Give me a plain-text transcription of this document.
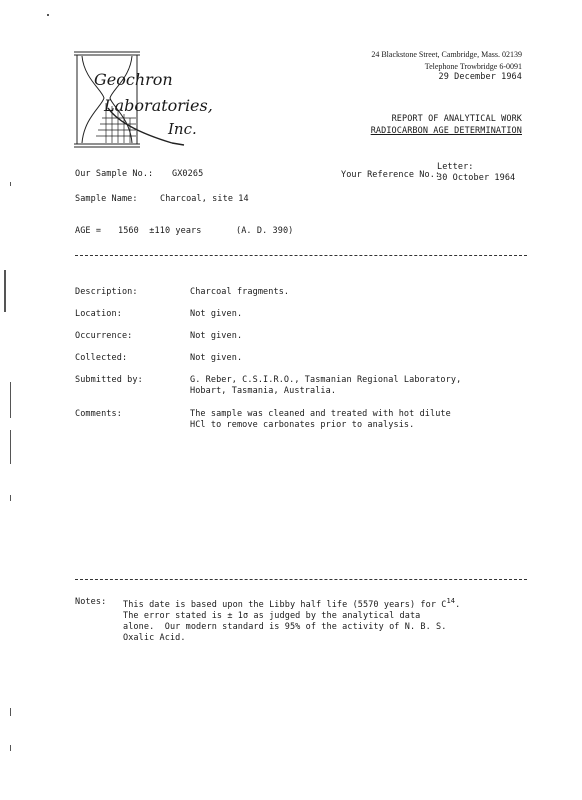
Geochron
Laboratories,
Inc.
24 Blackstone Street, Cambridge, Mass. 02139
Telephone Trowbridge 6-0091
29 December 1964
REPORT OF ANALYTICAL WORK
RADIOCARBON AGE DETERMINATION
Our Sample No.: GX0265	Your Reference No.:
Letter:
30 October 1964
Sample Name:	Charcoal, site 14
AGE = 1560  ±110 years	(A. D. 390)
Description:	Charcoal fragments.
Location:	Not given.
Occurrence:	Not given.
Collected:	Not given.
Submitted by:	G. Reber, C.S.I.R.O., Tasmanian Regional Laboratory,
Hobart, Tasmania, Australia.
Comments:	The sample was cleaned and treated with hot dilute
HCl to remove carbonates prior to analysis.
Notes: This date is based upon the Libby half life (5570 years) for $C^{14}$.
The error stated is ± 1σ as judged by the analytical data
alone.  Our modern standard is 95% of the activity of N. B. S.
Oxalic Acid.
